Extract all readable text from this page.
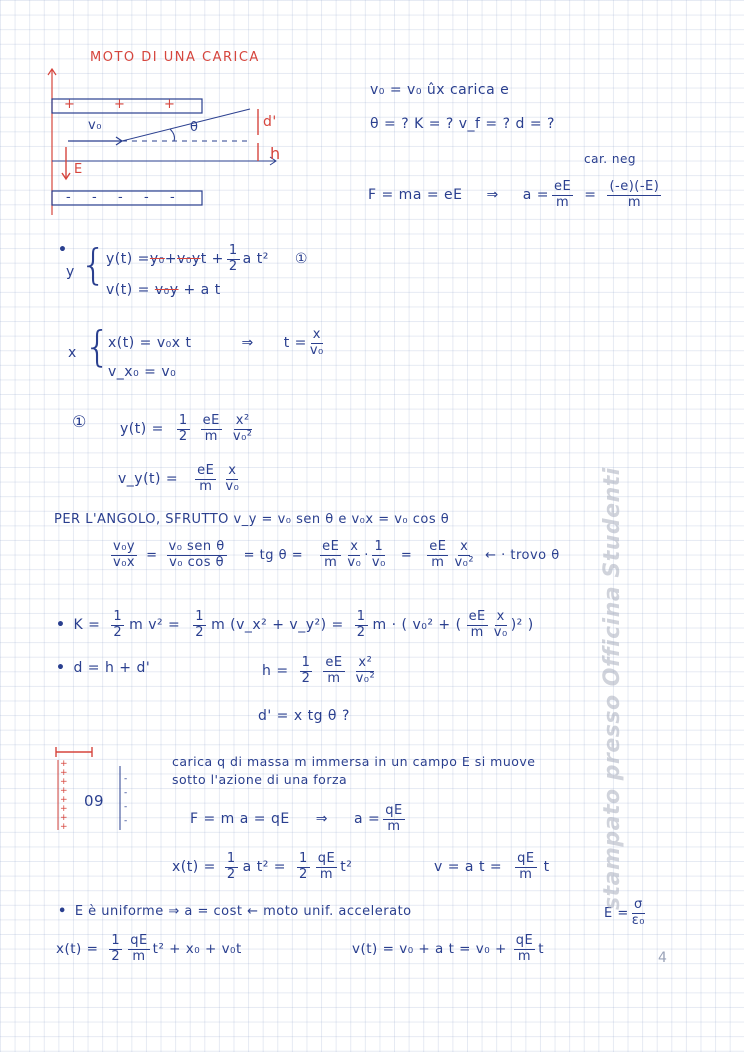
MOTO DI UNA CARICA
+	+	+
- - - - -
v₀	θ	d'
h
E
v₀ = v₀ ûx carica e
θ = ? K = ? v_f = ? d = ?
car. neg
F = ma = eE ⇒ $a = \frac{eE}{m} = \frac{(-e)(-E)}{m}$
•
y {
y(t) = y₀ + v₀y $t + \frac{1}{2}$ a t² ①
v(t) = v₀y + a t
x {
x(t) = v₀x t	⇒ $t = \frac{x}{\text{v₀}}$
v_x₀ = v₀
① $y(t) = \frac{1}{2} \frac{eE}{m} \frac{\text{x²}}{\text{v₀²}}$
v_y(t) = $\frac{eE}{m} \frac{x}{\text{v₀}}$
PER L'ANGOLO, SFRUTTO v_y = v₀ sen θ e v₀x = v₀ cos θ
$\frac{\text{v₀y}}{\text{v₀x}} = \frac{\text{v₀ sen θ}}{\text{v₀ cos θ}}$ = tg $\theta = \frac{eE}{m} \frac{x}{\text{v₀}} \cdot \frac{1}{\text{v₀}} = \frac{eE}{m} \frac{x}{\text{v₀²}}$ ← · trovo θ
• $K = \frac{1}{2}$ m $v^2 = \frac{1}{2}$ m (v_x² + v_y²) = $\frac{1}{2}$ m · ( v₀² + ( $\frac{eE}{m} \frac{x}{\text{v₀}} )^2$ )
• d = h + d'	$h = \frac{1}{2} \frac{eE}{m} \frac{\text{x²}}{\text{v₀²}}$
d' = x tg θ ?
+
+
+
+
+
+
+
+
-
-
-
-
09
carica q di massa m immersa in un campo E si muove
sotto l'azione di una forza
F = m a = qE ⇒ $a = \frac{qE}{m}$
$x(t) = \frac{1}{2}$ a $t^2 = \frac{1}{2} \frac{qE}{m} t^2$	v = a $t = \frac{qE}{m}$ t
• E è uniforme ⇒ a = cost ← moto unif. accelerato	$E = \frac{\sigma}{\text{ε₀}}$
$x(t) = \frac{1}{2} \frac{qE}{m} t^2 + x_0 + v_0t$	v(t) = v₀ + a $t = v_0 + \frac{qE}{m}$ t
stampato presso Officina Studenti
4
